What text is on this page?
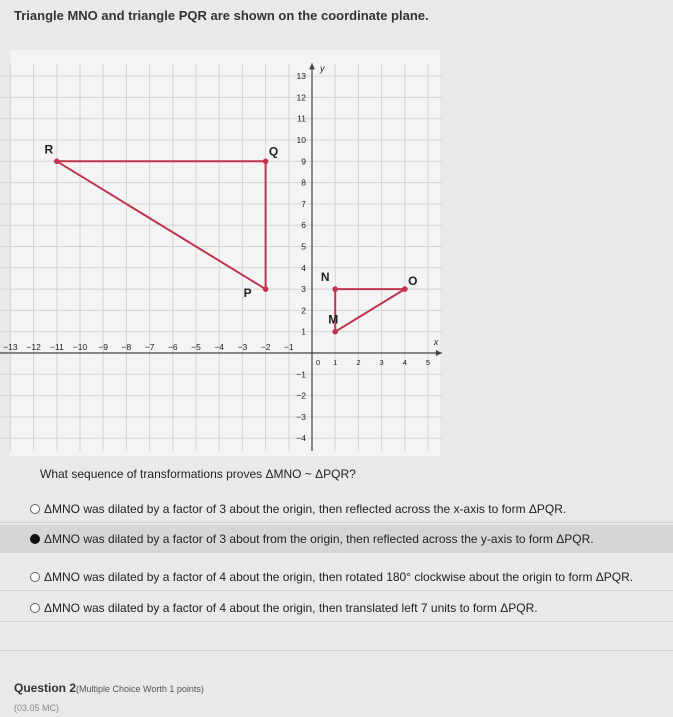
Triangle MNO and triangle PQR are shown on the coordinate plane.
x
y
−13 −12 −11 −10 −9 −8 −7 −6 −5 −4 −3 −2 −1
0 1	2	3	4	5
13
12
11
10
9
8
7
6
5
4
3
2
1
−1
−2
−3
−4
M
N	O
P
Q
R
What sequence of transformations proves ΔMNO ~ ΔPQR?
ΔMNO was dilated by a factor of 3 about the origin, then reflected across the x-axis to form ΔPQR.
ΔMNO was dilated by a factor of 3 about from the origin, then reflected across the y-axis to form ΔPQR.
ΔMNO was dilated by a factor of 4 about the origin, then rotated 180° clockwise about the origin to form ΔPQR.
ΔMNO was dilated by a factor of 4 about the origin, then translated left 7 units to form ΔPQR.
Question 2(Multiple Choice Worth 1 points)
(03.05 MC)
